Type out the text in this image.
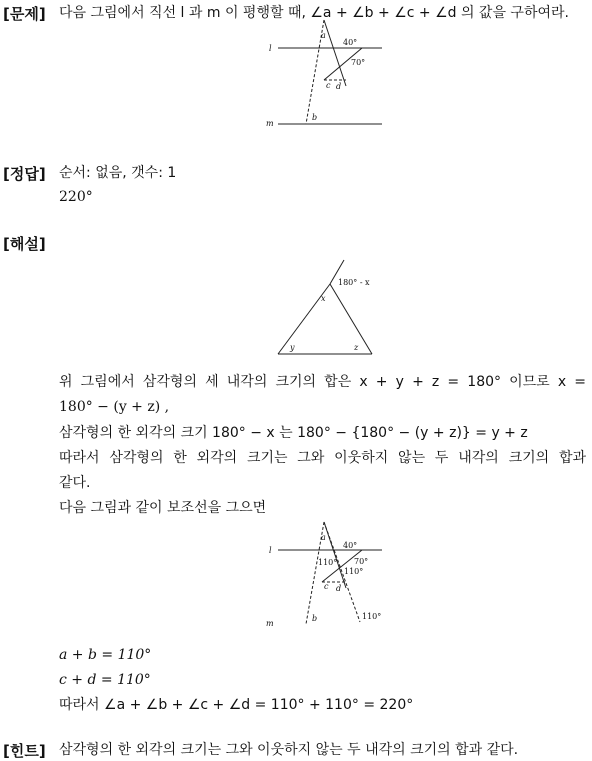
[문제] 다음 그림에서 직선 l 과 m 이 평행할 때, ∠a + ∠b + ∠c + ∠d 의 값을 구하여라.
l
m
a
b
c d
40°
70°
[정답] 순서: 없음, 갯수: 1
220°
[해설]
x
y	z
180° - x
위 그림에서 삼각형의 세 내각의 크기의 합은 x + y + z = 180° 이므로 x =
180° − (y + z) ,
삼각형의 한 외각의 크기 180° − x 는 180° − {180° − (y + z)} = y + z
따라서 삼각형의 한 외각의 크기는 그와 이웃하지 않는 두 내각의 크기의 합과
같다.
다음 그림과 같이 보조선을 그으면
l
m
a
b
c d
40°
70°
110°
110°
110°
a + b = 110°
c + d = 110°
따라서 ∠a + ∠b + ∠c + ∠d = 110° + 110° = 220°
[힌트] 삼각형의 한 외각의 크기는 그와 이웃하지 않는 두 내각의 크기의 합과 같다.
